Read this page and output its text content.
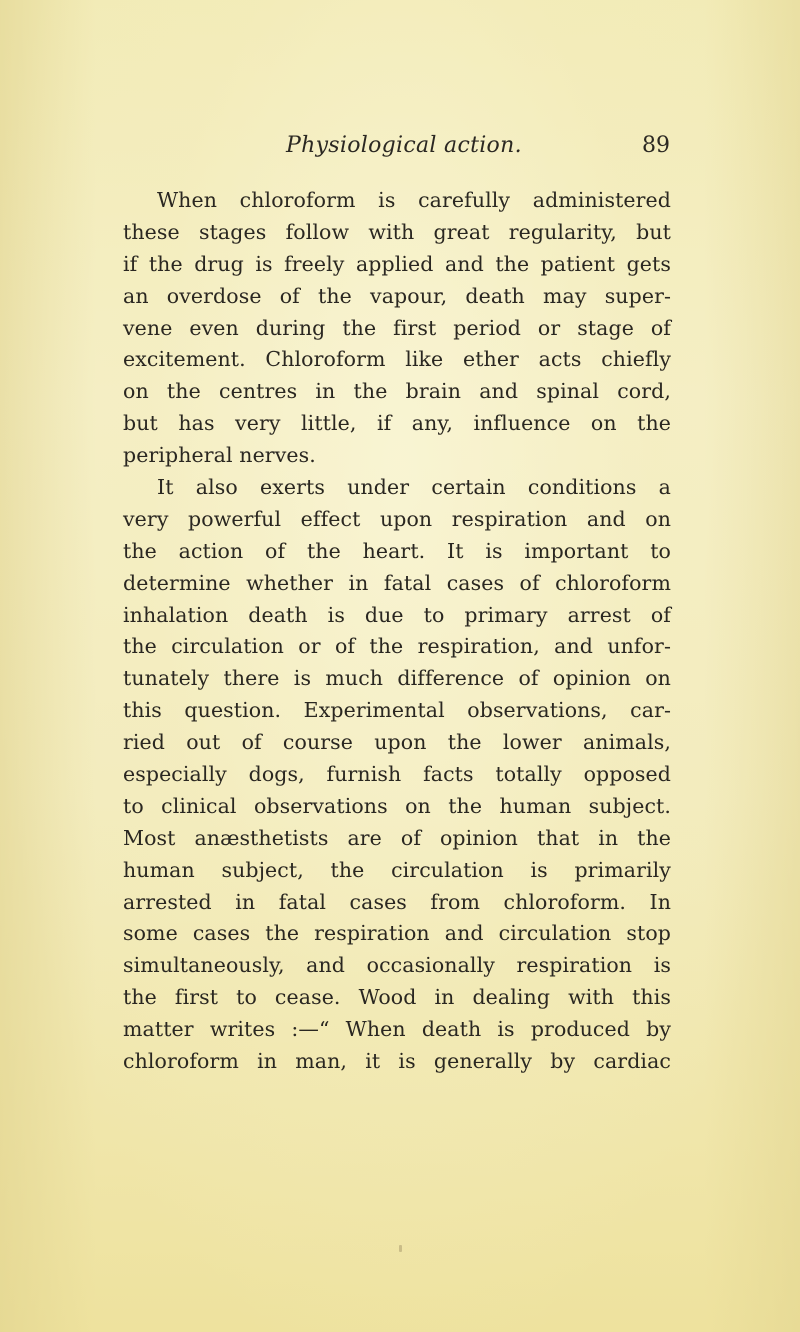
Physiological action.	89
When chloroform is carefully administered
these stages follow with great regularity, but
if the drug is freely applied and the patient gets
an overdose of the vapour, death may super-
vene even during the first period or stage of
excitement. Chloroform like ether acts chiefly
on the centres in the brain and spinal cord,
but has very little, if any, influence on the
peripheral nerves.
It also exerts under certain conditions a
very powerful effect upon respiration and on
the action of the heart. It is important to
determine whether in fatal cases of chloroform
inhalation death is due to primary arrest of
the circulation or of the respiration, and unfor-
tunately there is much difference of opinion on
this question. Experimental observations, car-
ried out of course upon the lower animals,
especially dogs, furnish facts totally opposed
to clinical observations on the human subject.
Most anæsthetists are of opinion that in the
human subject, the circulation is primarily
arrested in fatal cases from chloroform. In
some cases the respiration and circulation stop
simultaneously, and occasionally respiration is
the first to cease. Wood in dealing with this
matter writes :—“ When death is produced by
chloroform in man, it is generally by cardiac
